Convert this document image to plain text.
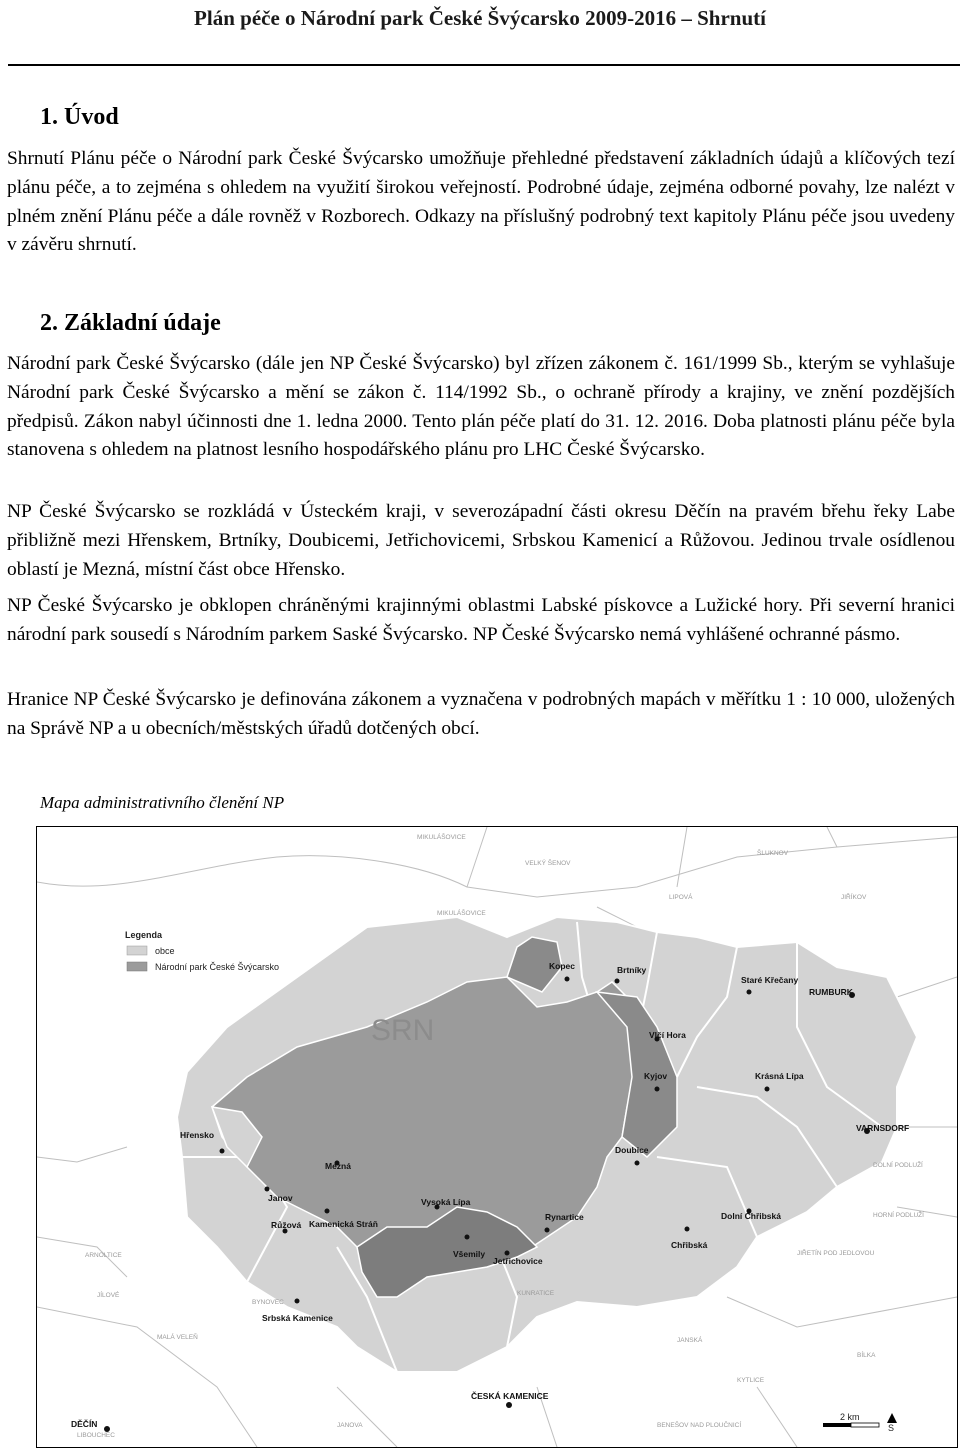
Plán péče o Národní park České Švýcarsko 2009-2016 – Shrnutí
1. Úvod

Shrnutí Plánu péče o Národní park České Švýcarsko umožňuje přehledné představení základních údajů a klíčových tezí plánu péče, a to zejména s ohledem na využití širokou veřejností. Podrobné údaje, zejména odborné povahy, lze nalézt v plném znění Plánu péče a dále rovněž v Rozborech. Odkazy na příslušný podrobný text kapitoly Plánu péče jsou uvedeny v závěru shrnutí.

2. Základní údaje

Národní park České Švýcarsko (dále jen NP České Švýcarsko) byl zřízen zákonem č. 161/1999 Sb., kterým se vyhlašuje Národní park České Švýcarsko a mění se zákon č. 114/1992 Sb., o ochraně přírody a krajiny, ve znění pozdějších předpisů. Zákon nabyl účinnosti dne 1. ledna 2000. Tento plán péče platí do 31. 12. 2016. Doba platnosti plánu péče byla stanovena s ohledem na platnost lesního hospodářského plánu pro LHC České Švýcarsko.

NP České Švýcarsko se rozkládá v Ústeckém kraji, v severozápadní části okresu Děčín na pravém břehu řeky Labe přibližně mezi Hřenskem, Brtníky, Doubicemi, Jetřichovicemi, Srbskou Kamenicí a Růžovou. Jedinou trvale osídlenou oblastí je Mezná, místní část obce Hřensko.

NP České Švýcarsko je obklopen chráněnými krajinnými oblastmi Labské pískovce a Lužické hory. Při severní hranici národní park sousedí s Národním parkem Saské Švýcarsko. NP České Švýcarsko nemá vyhlášené ochranné pásmo.

Hranice NP České Švýcarsko je definována zákonem a vyznačena v podrobných mapách v měřítku 1 : 10 000, uložených na Správě NP a u obecních/městských úřadů dotčených obcí.

Mapa administrativního členění NP

Legenda
obce
Národní park České Švýcarsko
SRN
MIKULÁŠOVICE
VELKÝ ŠENOV
ŠLUKNOV
LIPOVÁ	JIŘÍKOV
MIKULÁŠOVICE
ARNOLTICE
JÍLOVÉ
BYNOVEC
MALÁ VELEŇ
KUNRATICE
JANSKÁ
KYTLICE
HORNÍ PODLUŽÍ
JIŘETÍN POD JEDLOVOU
DOLNÍ PODLUŽÍ
LIBOUCHEC
JANOVA	BENEŠOV NAD PLOUČNICÍ
BÍLKA
Kopec	Brtníky
Staré Křečany
RUMBURK
Vlčí Hora
Kyjov	Krásná Lípa
VARNSDORF
Hřensko
Mezná
Doubice
Janov	Vysoká Lípa
Kamenická Stráň
Dolní Chřibská
Růžová
Rynartice
Jetřichovice
Chřibská
Všemily
Srbská Kamenice
ČESKÁ KAMENICE
DĚČÍN
2 km
S
